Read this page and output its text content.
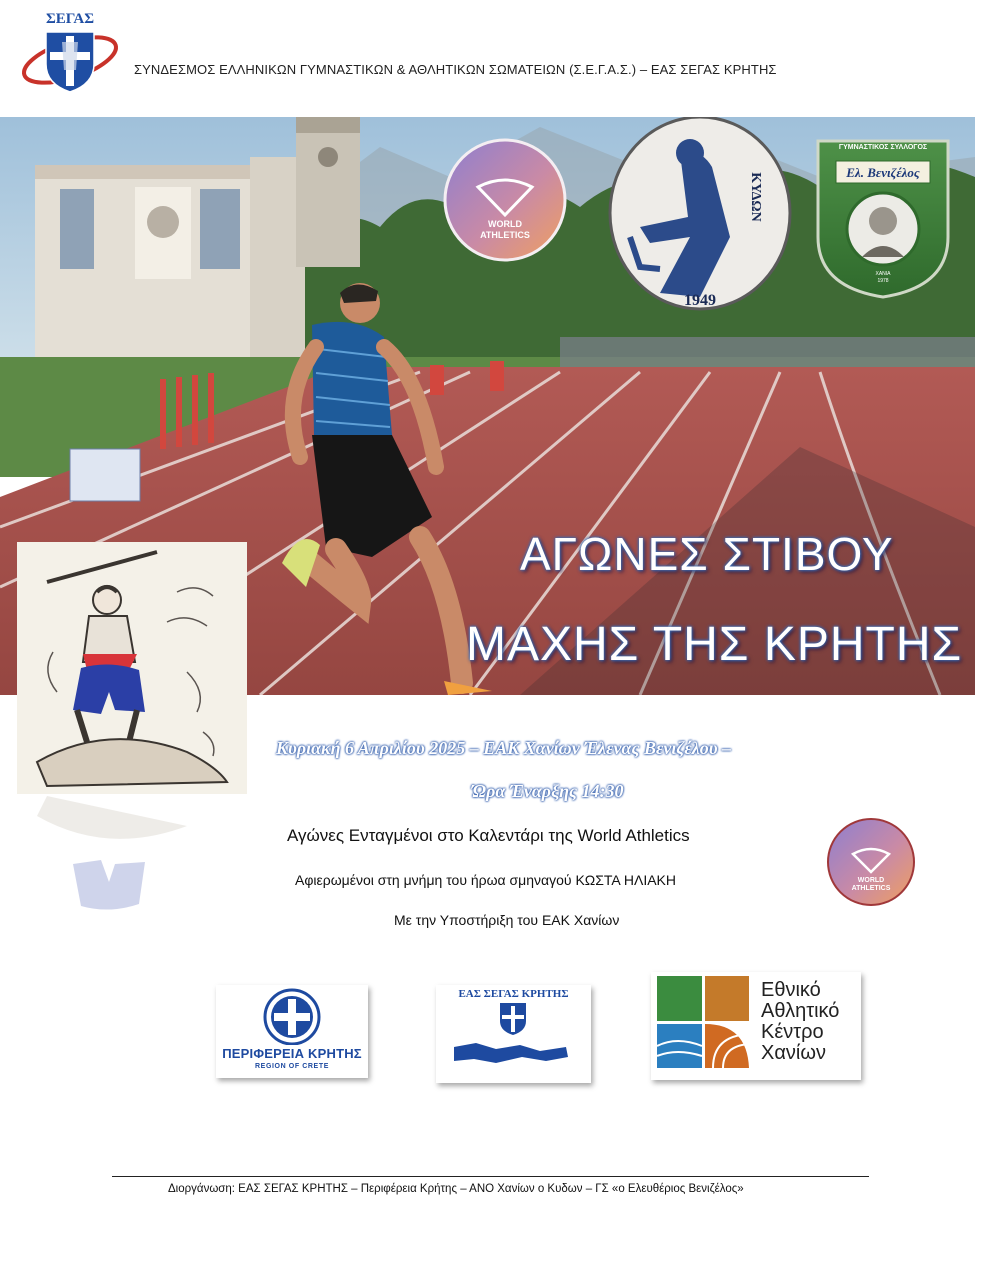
ΣΕΓΑΣ
ΣΥΝΔΕΣΜΟΣ ΕΛΛΗΝΙΚΩΝ ΓΥΜΝΑΣΤΙΚΩΝ & ΑΘΛΗΤΙΚΩΝ ΣΩΜΑΤΕΙΩΝ (Σ.Ε.Γ.Α.Σ.) – ΕΑΣ ΣΕΓΑΣ ΚΡΗΤΗΣ
WORLD
ATHLETICS
1949
ΚΥΔΩΝ
ΓΥΜΝΑΣΤΙΚΟΣ ΣΥΛΛΟΓΟΣ
Ελ. Βενιζέλος
ΧΑΝΙΑ
1978
ΑΓΩΝΕΣ ΣΤΙΒΟΥ
ΜΑΧΗΣ ΤΗΣ ΚΡΗΤΗΣ
Κυριακή 6 Απριλίου 2025 – ΕΑΚ Χανίων Έλενας Βενιζέλου –
Ώρα Έναρξης 14:30
Αγώνες Ενταγμένοι στο Καλεντάρι της World Athletics
Αφιερωμένοι στη μνήμη του ήρωα σμηναγού ΚΩΣΤΑ ΗΛΙΑΚΗ
Με την Υποστήριξη του ΕΑΚ Χανίων
WORLD
ATHLETICS
ΠΕΡΙΦΕΡΕΙΑ ΚΡΗΤΗΣ
REGION OF CRETE
ΕΑΣ ΣΕΓΑΣ ΚΡΗΤΗΣ	Εθνικό
Αθλητικό
Κέντρο
Χανίων
Διοργάνωση: ΕΑΣ ΣΕΓΑΣ ΚΡΗΤΗΣ – Περιφέρεια Κρήτης – ΑΝΟ Χανίων ο Κυδων – ΓΣ «ο Ελευθέριος Βενιζέλος»
